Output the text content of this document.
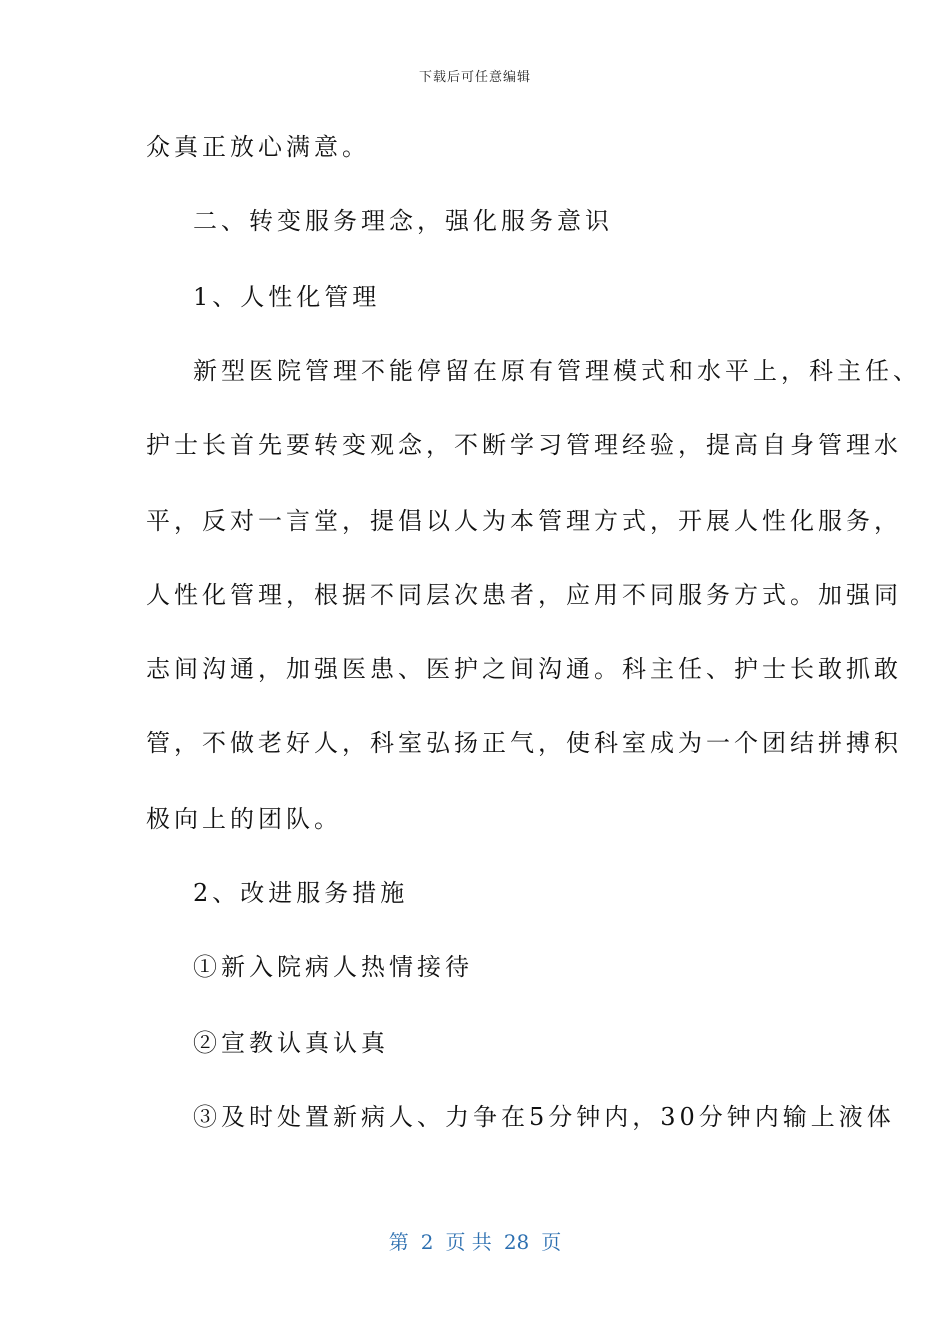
下载后可任意编辑
众真正放心满意。
二、转变服务理念，强化服务意识
1、人性化管理
新型医院管理不能停留在原有管理模式和水平上，科主任、
护士长首先要转变观念，不断学习管理经验，提高自身管理水
平，反对一言堂，提倡以人为本管理方式，开展人性化服务，
人性化管理，根据不同层次患者，应用不同服务方式。加强同
志间沟通，加强医患、医护之间沟通。科主任、护士长敢抓敢
管，不做老好人，科室弘扬正气，使科室成为一个团结拼搏积
极向上的团队。
2、改进服务措施
①新入院病人热情接待
②宣教认真认真
③及时处置新病人、力争在5分钟内，30分钟内输上液体
第 2 页 共 28 页
